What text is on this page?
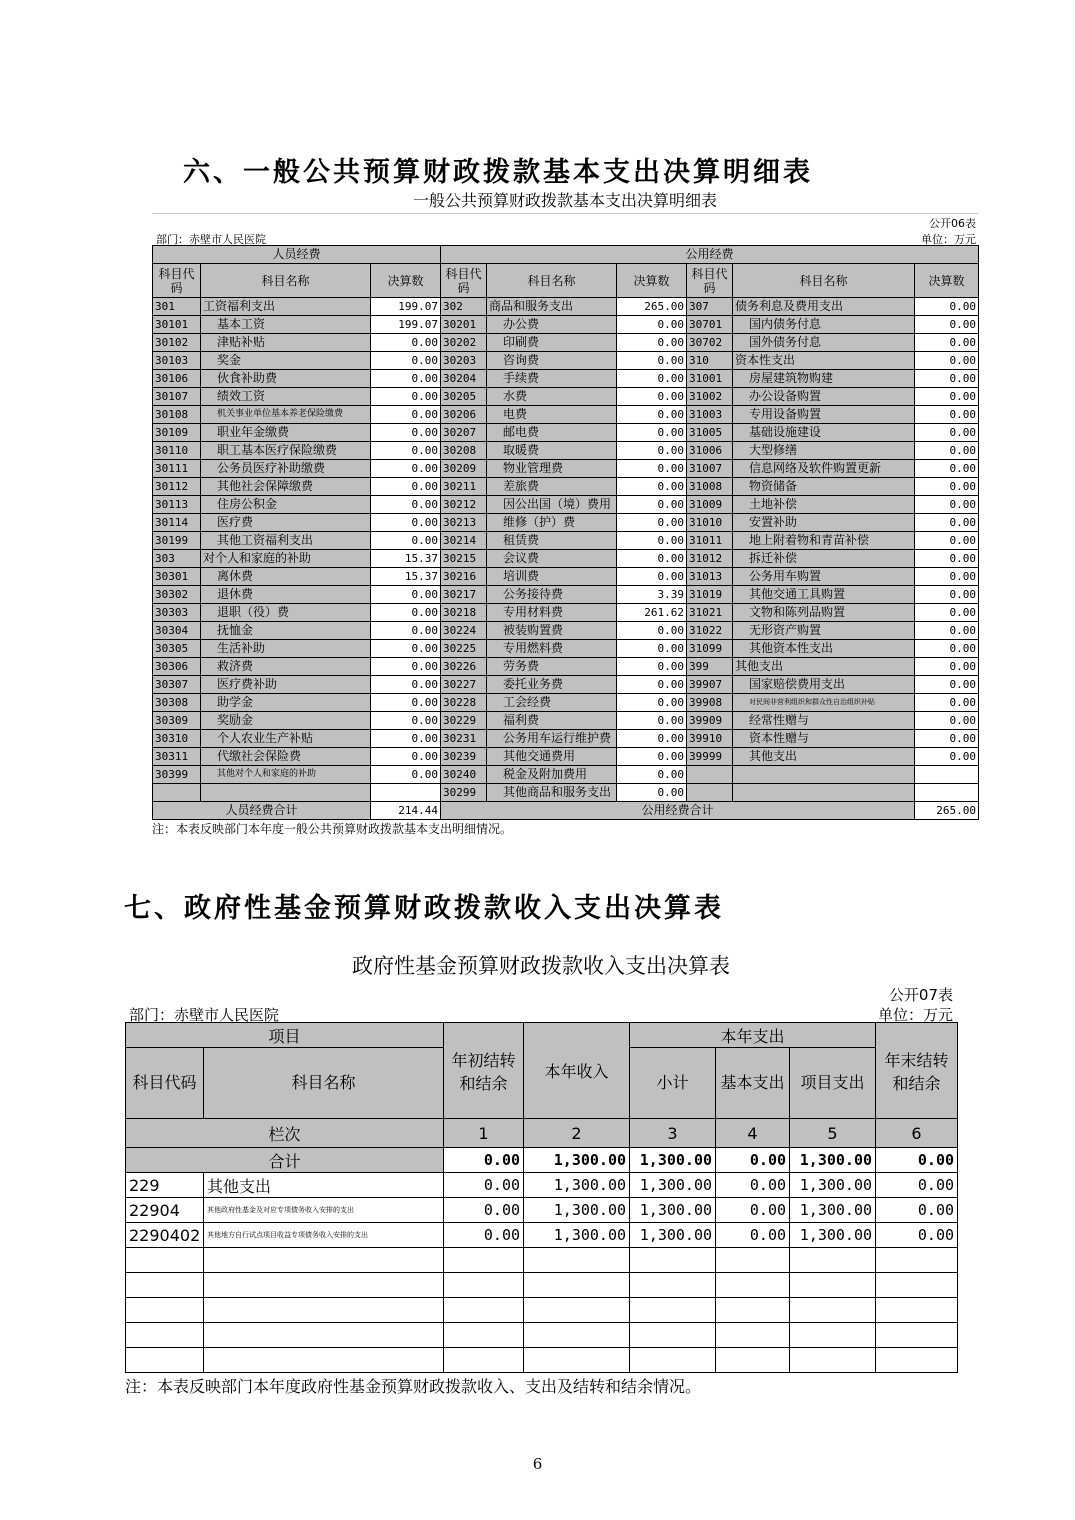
六、一般公共预算财政拨款基本支出决算明细表
一般公共预算财政拨款基本支出决算明细表
公开06表
部门：赤壁市人民医院	单位：万元
人员经费			公用经费					
科目代码	科目名称	决算数	科目代码	科目名称	决算数	科目代码	科目名称	决算数
301	工资福利支出	199.07	302	商品和服务支出	265.00	307	债务利息及费用支出	0.00
30101	基本工资	199.07	30201	办公费	0.00	30701	国内债务付息	0.00
30102	津贴补贴	0.00	30202	印刷费	0.00	30702	国外债务付息	0.00
30103	奖金	0.00	30203	咨询费	0.00	310	资本性支出	0.00
30106	伙食补助费	0.00	30204	手续费	0.00	31001	房屋建筑物购建	0.00
30107	绩效工资	0.00	30205	水费	0.00	31002	办公设备购置	0.00
30108	机关事业单位基本养老保险缴费	0.00	30206	电费	0.00	31003	专用设备购置	0.00
30109	职业年金缴费	0.00	30207	邮电费	0.00	31005	基础设施建设	0.00
30110	职工基本医疗保险缴费	0.00	30208	取暖费	0.00	31006	大型修缮	0.00
30111	公务员医疗补助缴费	0.00	30209	物业管理费	0.00	31007	信息网络及软件购置更新	0.00
30112	其他社会保障缴费	0.00	30211	差旅费	0.00	31008	物资储备	0.00
30113	住房公积金	0.00	30212	因公出国（境）费用	0.00	31009	土地补偿	0.00
30114	医疗费	0.00	30213	维修（护）费	0.00	31010	安置补助	0.00
30199	其他工资福利支出	0.00	30214	租赁费	0.00	31011	地上附着物和青苗补偿	0.00
303	对个人和家庭的补助	15.37	30215	会议费	0.00	31012	拆迁补偿	0.00
30301	离休费	15.37	30216	培训费	0.00	31013	公务用车购置	0.00
30302	退休费	0.00	30217	公务接待费	3.39	31019	其他交通工具购置	0.00
30303	退职（役）费	0.00	30218	专用材料费	261.62	31021	文物和陈列品购置	0.00
30304	抚恤金	0.00	30224	被装购置费	0.00	31022	无形资产购置	0.00
30305	生活补助	0.00	30225	专用燃料费	0.00	31099	其他资本性支出	0.00
30306	救济费	0.00	30226	劳务费	0.00	399	其他支出	0.00
30307	医疗费补助	0.00	30227	委托业务费	0.00	39907	国家赔偿费用支出	0.00
30308	助学金	0.00	30228	工会经费	0.00	39908	对民间非营利组织和群众性自治组织补贴	0.00
30309	奖励金	0.00	30229	福利费	0.00	39909	经常性赠与	0.00
30310	个人农业生产补贴	0.00	30231	公务用车运行维护费	0.00	39910	资本性赠与	0.00
30311	代缴社会保险费	0.00	30239	其他交通费用	0.00	39999	其他支出	0.00
30399	其他对个人和家庭的补助	0.00	30240	税金及附加费用	0.00			
			30299	其他商品和服务支出	0.00			
人员经费合计		214.44	公用经费合计					265.00
注：本表反映部门本年度一般公共预算财政拨款基本支出明细情况。
七、政府性基金预算财政拨款收入支出决算表
政府性基金预算财政拨款收入支出决算表
公开07表
部门：赤壁市人民医院	单位：万元
项目		年初结转和结余	本年收入	本年支出			年末结转和结余
科目代码	科目名称			小计	基本支出	项目支出	
栏次		1	2	3	4	5	6
合计		0.00	1,300.00	1,300.00	0.00	1,300.00	0.00
229	其他支出	0.00	1,300.00	1,300.00	0.00	1,300.00	0.00
22904	其他政府性基金及对应专项债务收入安排的支出	0.00	1,300.00	1,300.00	0.00	1,300.00	0.00
2290402	其他地方自行试点项目收益专项债务收入安排的支出	0.00	1,300.00	1,300.00	0.00	1,300.00	0.00

注：本表反映部门本年度政府性基金预算财政拨款收入、支出及结转和结余情况。
6
